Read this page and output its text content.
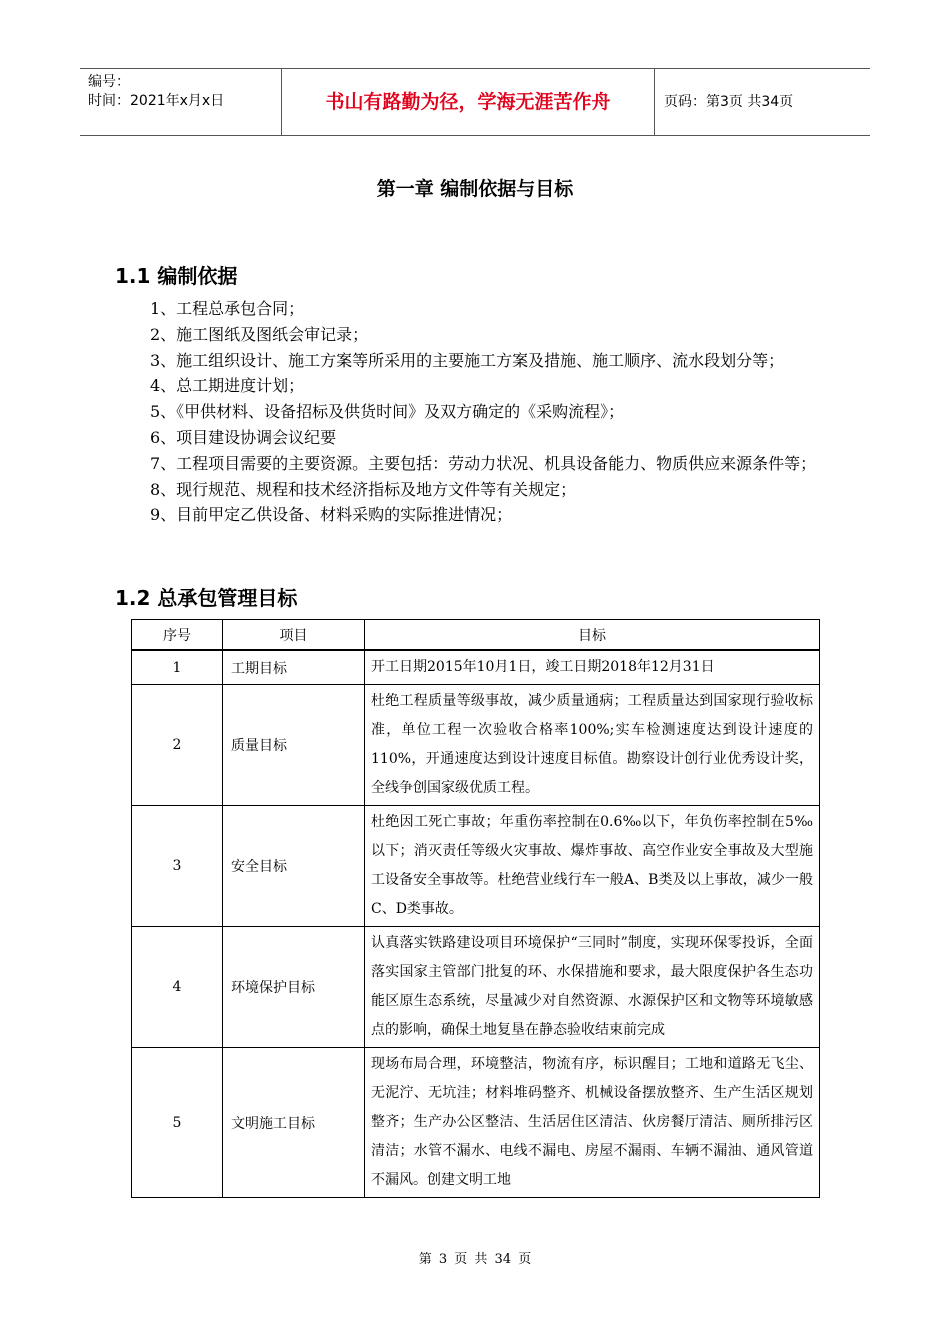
编号：
时间：2021年x月x日	书山有路勤为径，学海无涯苦作舟	页码：第3页 共34页
第一章 编制依据与目标
1.1 编制依据

1、工程总承包合同；

2、施工图纸及图纸会审记录；

3、施工组织设计、施工方案等所采用的主要施工方案及措施、施工顺序、流水段划分等；

4、总工期进度计划；

5、《甲供材料、设备招标及供货时间》及双方确定的《采购流程》；

6、项目建设协调会议纪要

7、工程项目需要的主要资源。主要包括：劳动力状况、机具设备能力、物质供应来源条件等；

8、现行规范、规程和技术经济指标及地方文件等有关规定；

9、目前甲定乙供设备、材料采购的实际推进情况；

1.2 总承包管理目标
序号	项目	目标
1	工期目标	开工日期2015年10月1日，竣工日期2018年12月31日
2	质量目标	杜绝工程质量等级事故，减少质量通病；工程质量达到国家现行验收标准，单位工程一次验收合格率100%;实车检测速度达到设计速度的110%，开通速度达到设计速度目标值。勘察设计创行业优秀设计奖，全线争创国家级优质工程。
3	安全目标	杜绝因工死亡事故；年重伤率控制在0.6‰以下，年负伤率控制在5‰以下；消灭责任等级火灾事故、爆炸事故、高空作业安全事故及大型施工设备安全事故等。杜绝营业线行车一般A、B类及以上事故，减少一般C、D类事故。
4	环境保护目标	认真落实铁路建设项目环境保护“三同时”制度，实现环保零投诉，全面落实国家主管部门批复的环、水保措施和要求，最大限度保护各生态功能区原生态系统，尽量减少对自然资源、水源保护区和文物等环境敏感点的影响，确保土地复垦在静态验收结束前完成
5	文明施工目标	现场布局合理，环境整洁，物流有序，标识醒目；工地和道路无飞尘、无泥泞、无坑洼；材料堆码整齐、机械设备摆放整齐、生产生活区规划整齐；生产办公区整洁、生活居住区清洁、伙房餐厅清洁、厕所排污区清洁；水管不漏水、电线不漏电、房屋不漏雨、车辆不漏油、通风管道不漏风。创建文明工地
第 3 页 共 34 页
